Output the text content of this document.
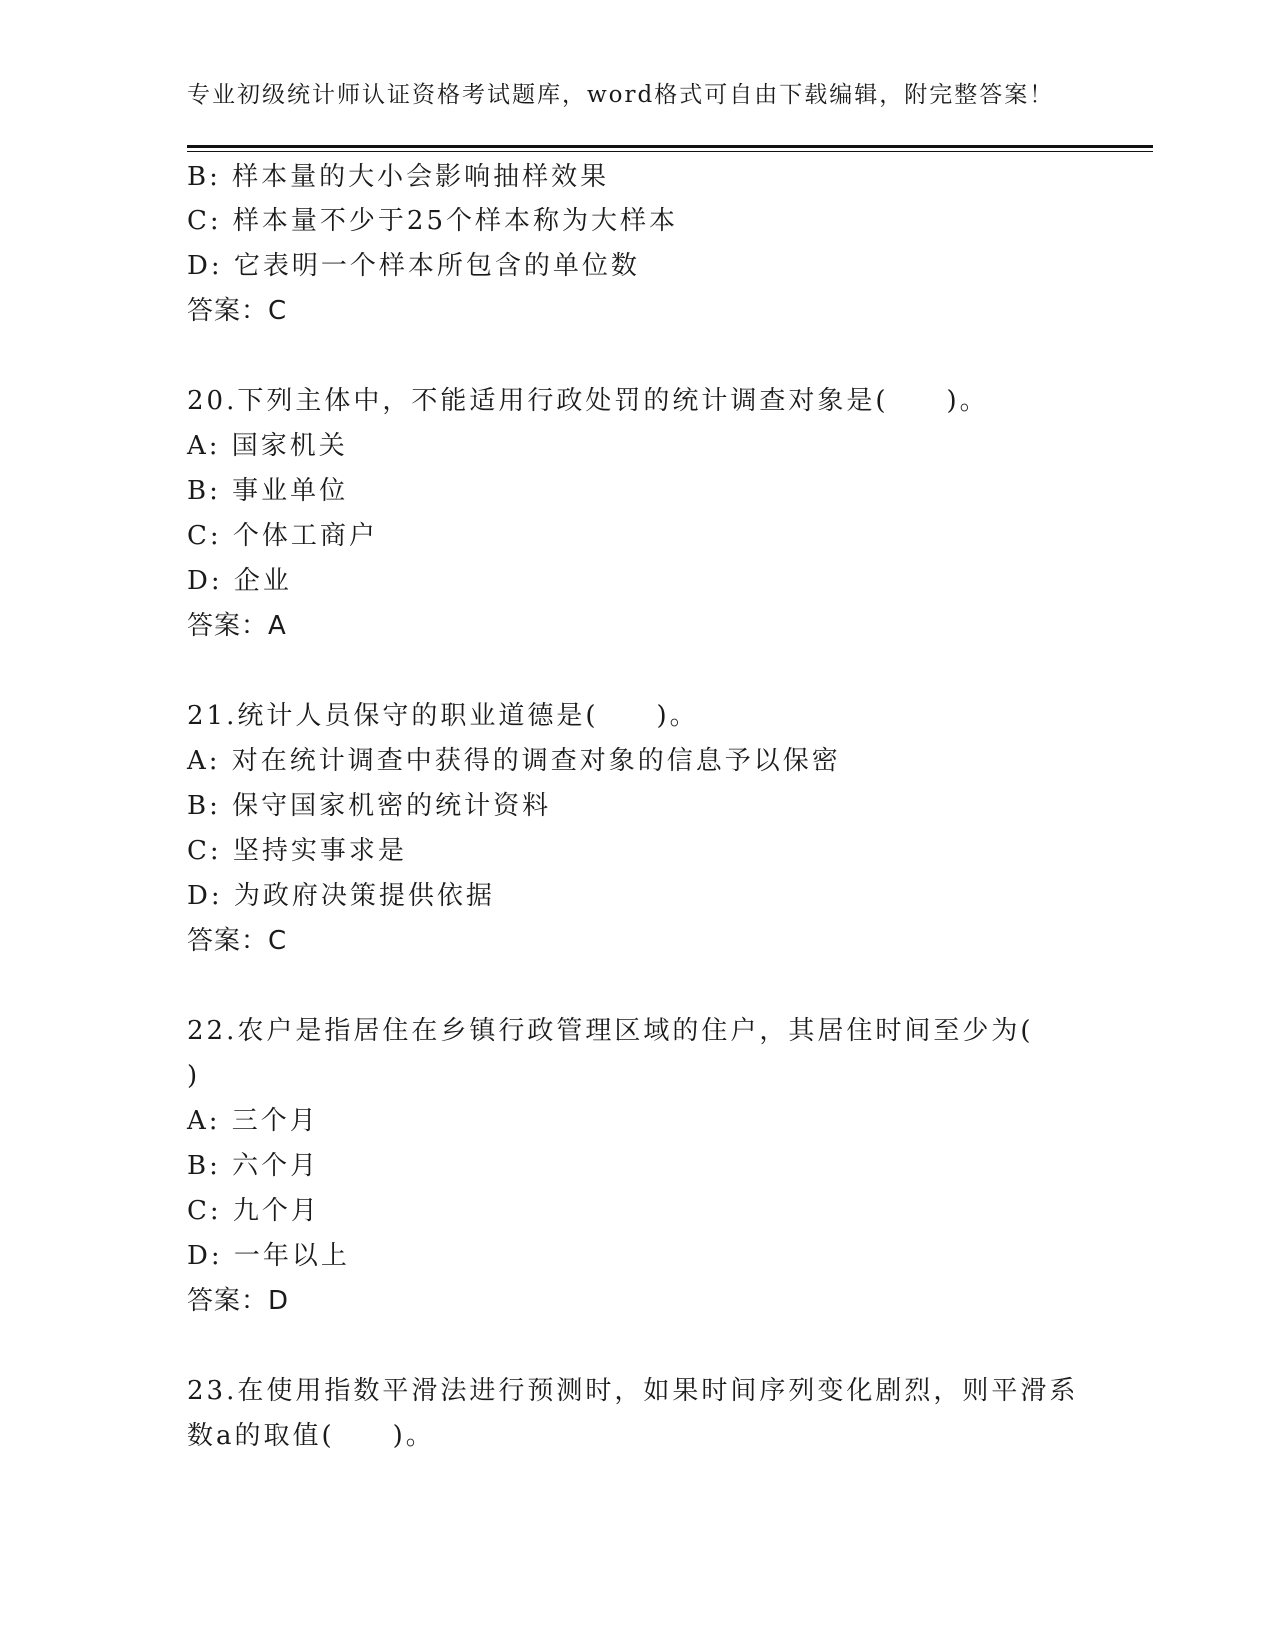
专业初级统计师认证资格考试题库，word格式可自由下载编辑，附完整答案！
B: 样本量的大小会影响抽样效果
C: 样本量不少于25个样本称为大样本
D: 它表明一个样本所包含的单位数
答案：C
20.下列主体中，不能适用行政处罚的统计调查对象是(　　)。
A: 国家机关
B: 事业单位
C: 个体工商户
D: 企业
答案：A
21.统计人员保守的职业道德是(　　)。
A: 对在统计调查中获得的调查对象的信息予以保密
B: 保守国家机密的统计资料
C: 坚持实事求是
D: 为政府决策提供依据
答案：C
22.农户是指居住在乡镇行政管理区域的住户，其居住时间至少为(
)
A: 三个月
B: 六个月
C: 九个月
D: 一年以上
答案：D
23.在使用指数平滑法进行预测时，如果时间序列变化剧烈，则平滑系
数a的取值(　　)。
